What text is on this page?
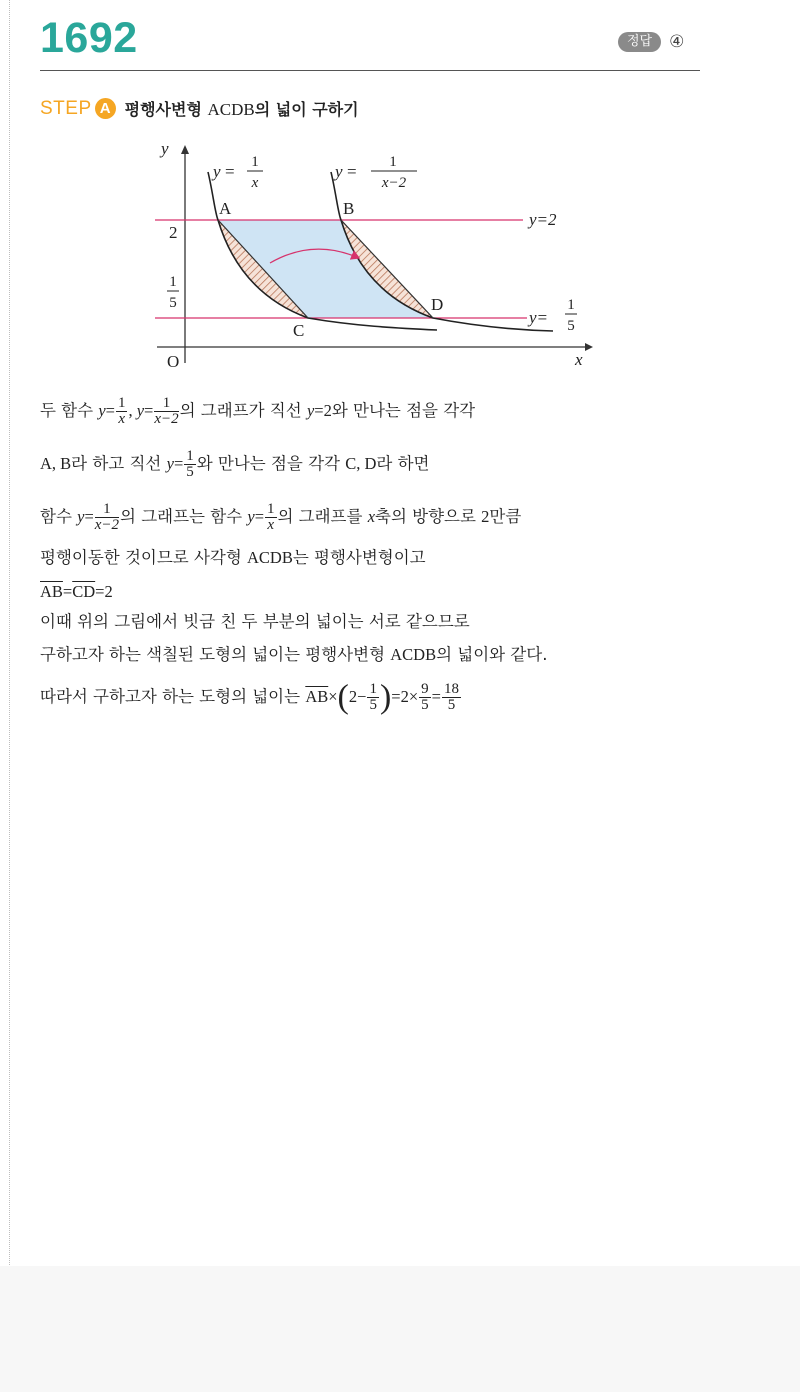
1692	정답	④
STEP A 평행사변형 ACDB의 넓이 구하기
y = 1
x
y = 1
x−2
y
x
O
2
1
5
y=2
y=
1
5
A	B
C
D
두 함수 $y= \frac{1}{x}$ , $y= \frac{1}{x-2}$ 의 그래프가 직선 y=2와 만나는 점을 각각
A, B라 하고 직선 $y= \frac{1}{5}$ 와 만나는 점을 각각 C, D라 하면
함수 $y= \frac{1}{x-2}$ 의 그래프는 함수 $y= \frac{1}{x}$ 의 그래프를 x축의 방향으로 2만큼
평행이동한 것이므로 사각형 ACDB는 평행사변형이고
$\overline{AB}=\overline{CD}=2$
이때 위의 그림에서 빗금 친 두 부분의 넓이는 서로 같으므로
구하고자 하는 색칠된 도형의 넓이는 평행사변형 ACDB의 넓이와 같다.
따라서 구하고자 하는 도형의 넓이는 $\overline{AB}\times(2- \frac{1}{5} )=2\times \frac{9}{5} = \frac{18}{5}$
